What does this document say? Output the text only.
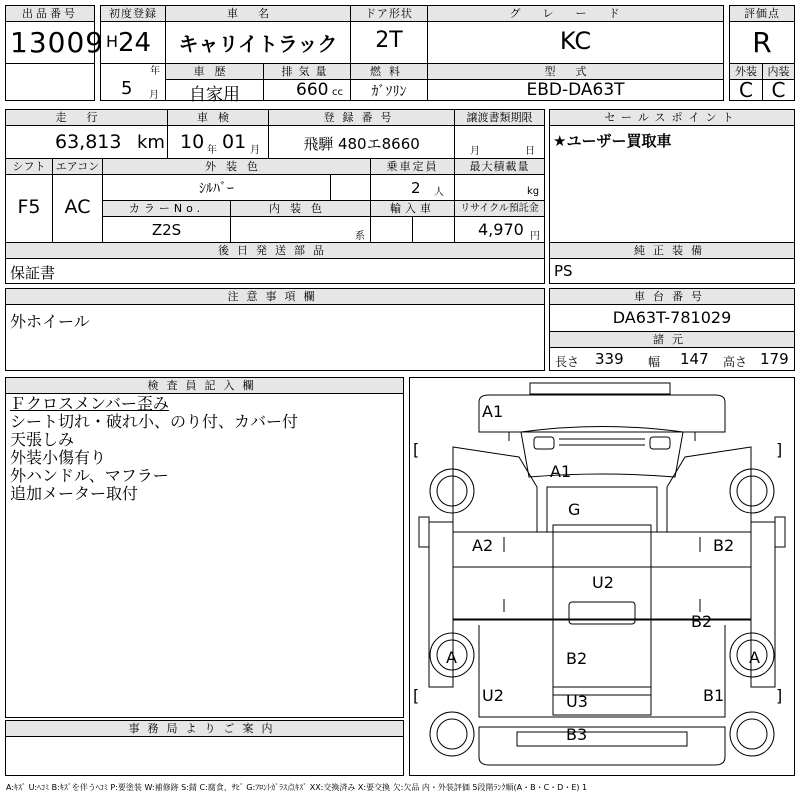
出品番号
13009
初度登録
H 24
年
5 月
車名
キャリイトラック
車歴
自家用
排気量
660 cc
ドア形状
2T
燃料
ｶﾞｿﾘﾝ
グレード
KC
型式
EBD-DA63T
評価点
R
外装 内装
C C
走行
63,813 km
車検
10 年 01 月
登録番号
飛騨 480エ8660
譲渡書類期限
月	日
セールスポイント
★ユーザー買取車
シフト エアコン
F5	AC
外装色
ｼﾙﾊﾞｰ
乗車定員
2 人
最大積載量
kg
カラーNo.
Z2S
内装色
系
輸入車	リサイクル預託金
4,970 円
後日発送部品
保証書
純正装備
PS
注意事項欄
外ホイール
車台番号
DA63T-781029
諸元
長さ 339 幅 147 高さ 179
検査員記入欄
Ｆクロスメンバー歪み
シート切れ・破れ小、のり付、カバー付
天張しみ
外装小傷有り
外ハンドル、マフラー
追加メーター取付
事務局よりご案内
A1
A1
G
A2	B2
U2
B2
A	B2	A
U2	B1
U3
B3
[	]
[	]
A:ｷｽﾞ U:ﾍｺﾐ B:ｷｽﾞを伴うﾍｺﾐ P:要塗装 W:補修跡 S:錆 C:腐食、ｻﾋﾞ G:ﾌﾛﾝﾄｶﾞﾗｽ点ｷｽﾞ XX:交換済み X:要交換 欠:欠品 内・外装評価 5段階ﾗﾝｸ順(A・B・C・D・E) 1
